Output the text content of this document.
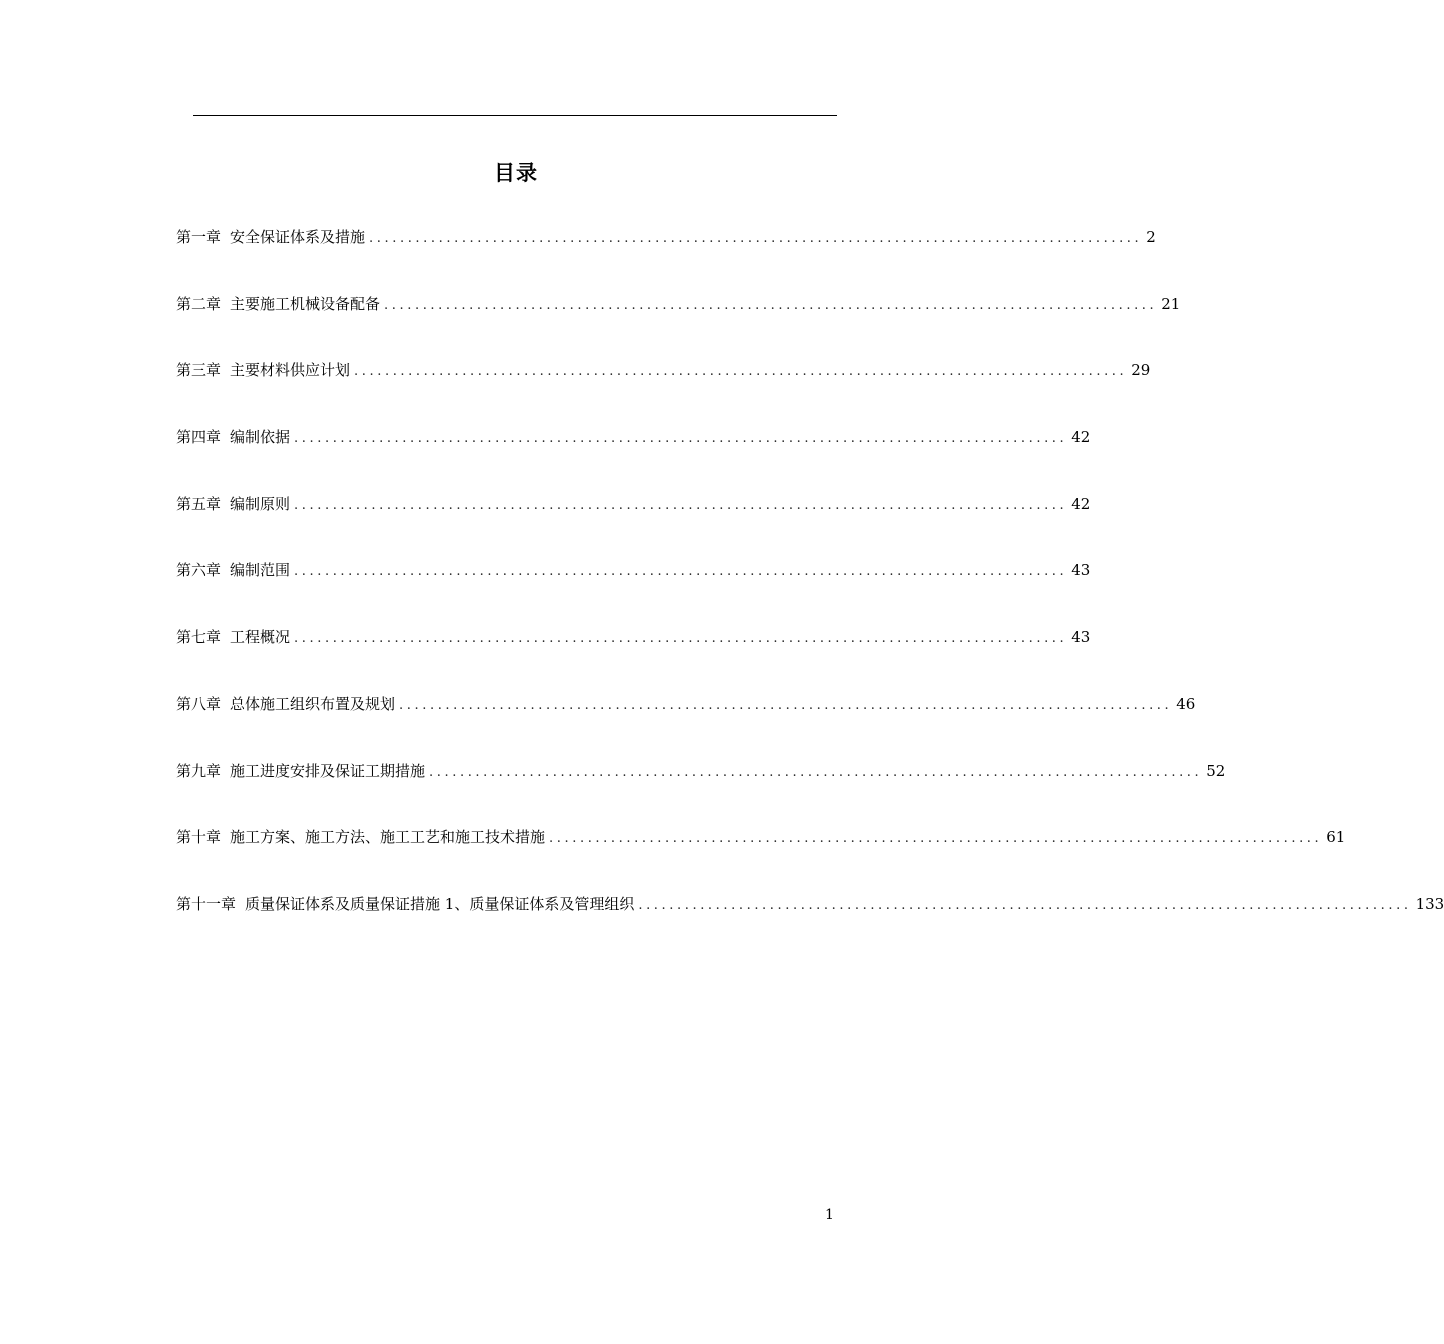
目录
第一章 安全保证体系及措施 .................................................................................................... 2
第二章 主要施工机械设备配备 .................................................................................................... 21
第三章 主要材料供应计划 .................................................................................................... 29
第四章 编制依据 .................................................................................................... 42
第五章 编制原则 .................................................................................................... 42
第六章 编制范围 .................................................................................................... 43
第七章 工程概况 .................................................................................................... 43
第八章 总体施工组织布置及规划 .................................................................................................... 46
第九章 施工进度安排及保证工期措施 .................................................................................................... 52
第十章 施工方案、施工方法、施工工艺和施工技术措施 .................................................................................................... 61
第十一章 质量保证体系及质量保证措施 1、质量保证体系及管理组织 .................................................................................................... 133
1
